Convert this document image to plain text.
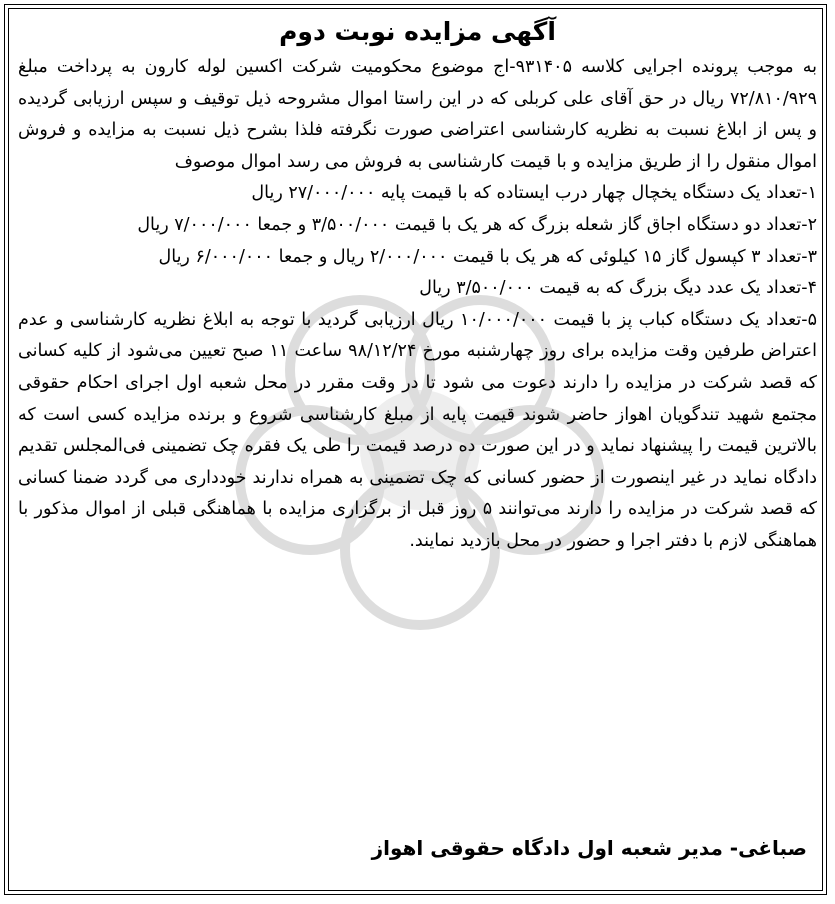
آگهی مزایده نوبت دوم

به موجب پرونده اجرایی کلاسه ۹۳۱۴۰۵-اج موضوع محکومیت شرکت اکسین لوله کارون به پرداخت مبلغ ۷۲/۸۱۰/۹۲۹ ریال در حق آقای علی کربلی که در این راستا اموال مشروحه ذیل توقیف و سپس ارزیابی گردیده و پس از ابلاغ نسبت به نظریه کارشناسی اعتراضی صورت نگرفته فلذا بشرح ذیل نسبت به مزایده و فروش اموال منقول را از طریق مزایده و با قیمت کارشناسی به فروش می رسد اموال موصوف

۱-تعداد یک دستگاه یخچال چهار درب ایستاده که با قیمت پایه ۲۷/۰۰۰/۰۰۰ ریال

۲-تعداد دو دستگاه اجاق گاز شعله بزرگ که هر یک با قیمت ۳/۵۰۰/۰۰۰ و جمعا ۷/۰۰۰/۰۰۰ ریال

۳-تعداد ۳ کپسول گاز ۱۵ کیلوئی که هر یک با قیمت ۲/۰۰۰/۰۰۰ ریال و جمعا ۶/۰۰۰/۰۰۰ ریال

۴-تعداد یک عدد دیگ بزرگ که به قیمت ۳/۵۰۰/۰۰۰ ریال

۵-تعداد یک دستگاه کباب پز با قیمت ۱۰/۰۰۰/۰۰۰ ریال ارزیابی گردید با توجه به ابلاغ نظریه کارشناسی و عدم اعتراض طرفین وقت مزایده برای روز چهارشنبه مورخ ۹۸/۱۲/۲۴ ساعت ۱۱ صبح تعیین می‌شود از کلیه کسانی که قصد شرکت در مزایده را دارند دعوت می شود تا در وقت مقرر در محل شعبه اول اجرای احکام حقوقی مجتمع شهید تندگویان اهواز حاضر شوند قیمت پایه از مبلغ کارشناسی شروع و برنده مزایده کسی است که بالاترین قیمت را پیشنهاد نماید و در این صورت ده درصد قیمت را طی یک فقره چک تضمینی فی‌المجلس تقدیم دادگاه نماید در غیر اینصورت از حضور کسانی که چک تضمینی به همراه ندارند خودداری می گردد ضمنا کسانی که قصد شرکت در مزایده را دارند می‌توانند ۵ روز قبل از برگزاری مزایده با هماهنگی قبلی از اموال مذکور با هماهنگی لازم با دفتر اجرا و حضور در محل بازدید نمایند.

صباغی- مدیر شعبه اول دادگاه حقوقی اهواز
